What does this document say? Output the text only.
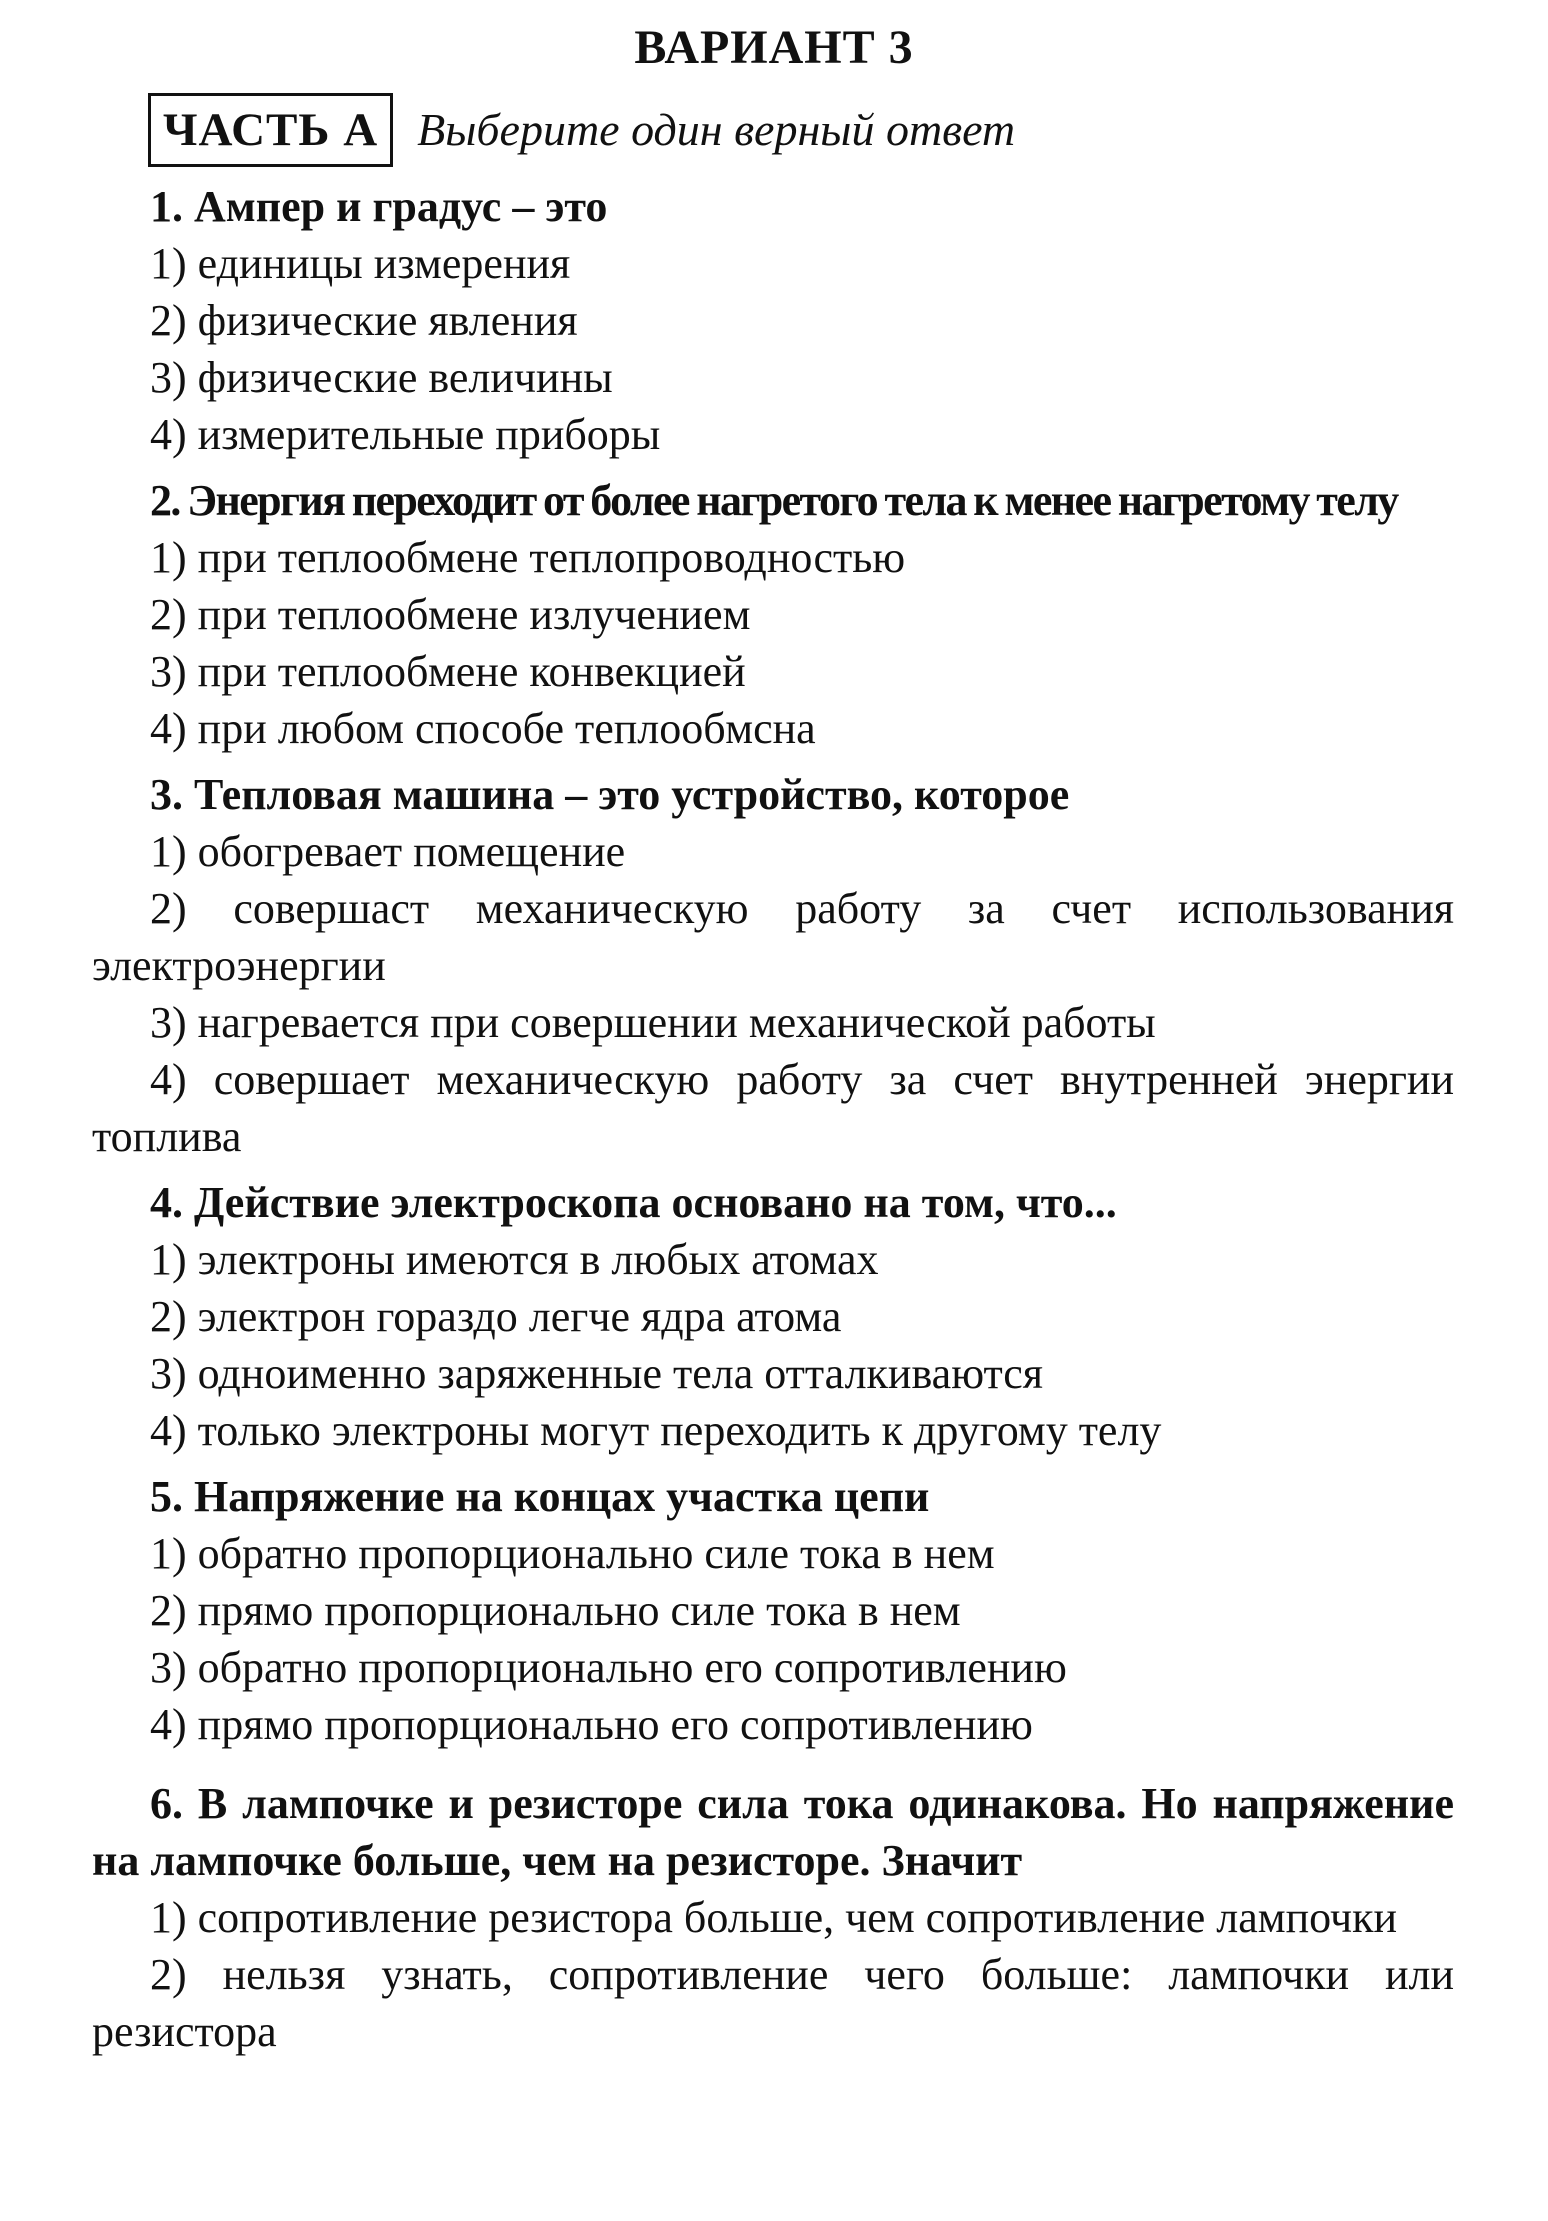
ВАРИАНТ 3
ЧАСТЬ А Выберите один верный ответ

1. Ампер и градус – это

1) единицы измерения

2) физические явления

3) физические величины

4) измерительные приборы

2. Энергия переходит от более нагретого тела к менее нагретому телу

1) при теплообмене теплопроводностью

2) при теплообмене излучением

3) при теплообмене конвекцией

4) при любом способе теплообмсна

3. Тепловая машина – это устройство, которое

1) обогревает помещение

2) совершаст механическую работу за счет использования электроэнергии

3) нагревается при совершении механической работы

4) совершает механическую работу за счет внутренней энергии топлива

4. Действие электроскопа основано на том, что...

1) электроны имеются в любых атомах

2) электрон гораздо легче ядра атома

3) одноименно заряженные тела отталкиваются

4) только электроны могут переходить к другому телу

5. Напряжение на концах участка цепи

1) обратно пропорционально силе тока в нем

2) прямо пропорционально силе тока в нем

3) обратно пропорционально его сопротивлению

4) прямо пропорционально его сопротивлению

6. В лампочке и резисторе сила тока одинакова. Но напряжение на лампочке больше, чем на резисторе. Значит

1) сопротивление резистора больше, чем сопротивление лампочки

2) нельзя узнать, сопротивление чего больше: лампочки или резистора
